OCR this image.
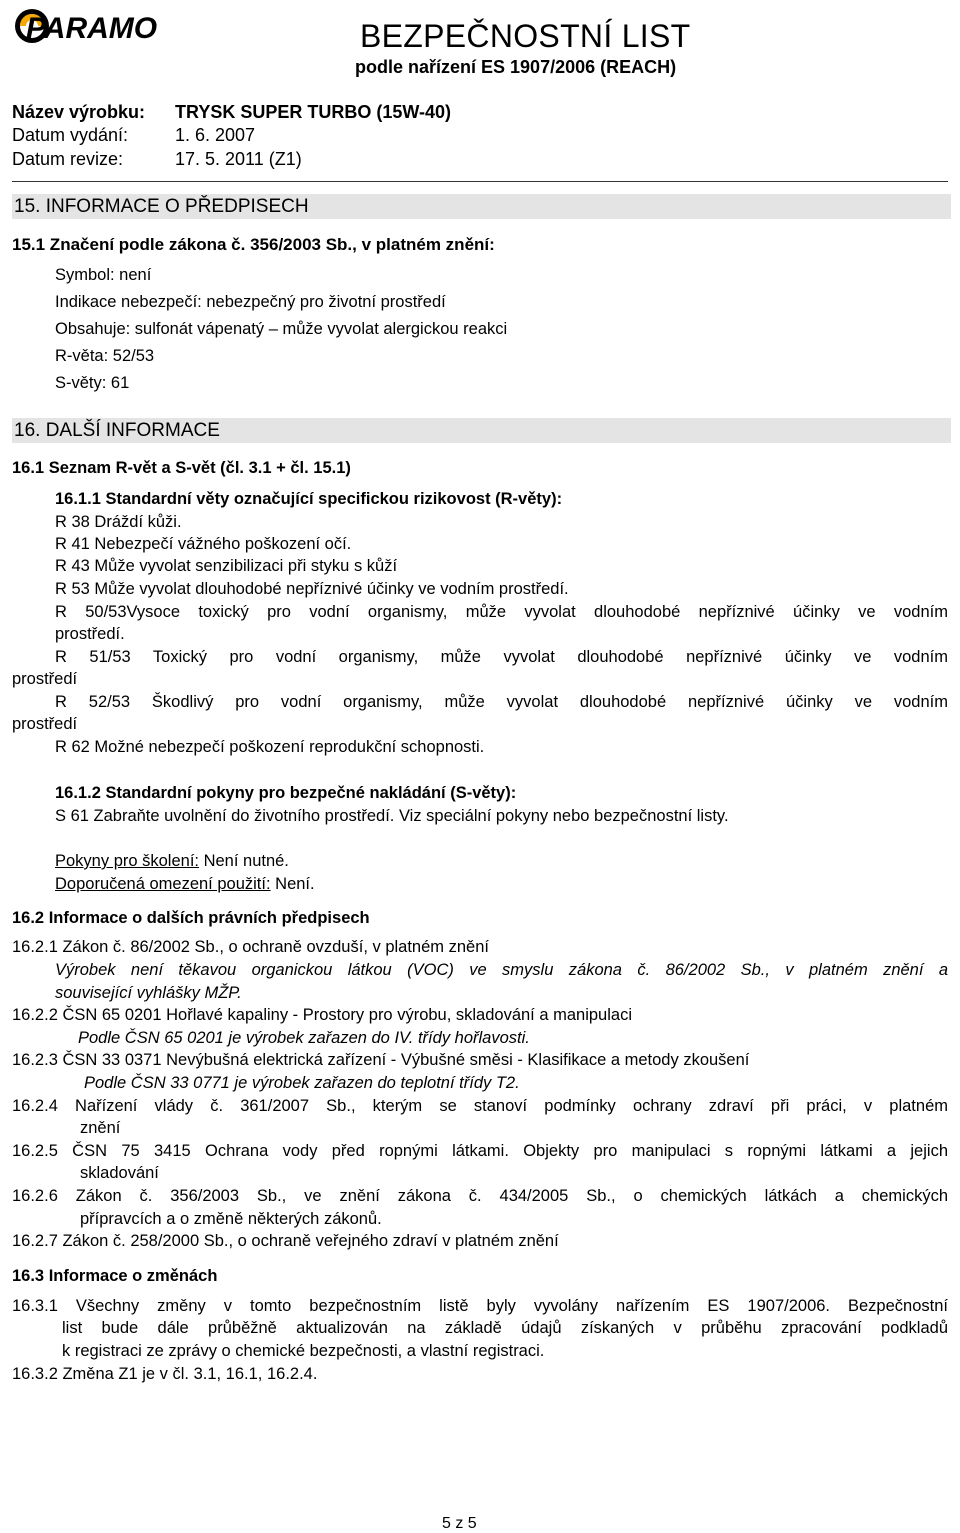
PARAMO	BEZPEČNOSTNÍ LIST
podle nařízení ES 1907/2006 (REACH)
Název výrobku: TRYSK SUPER TURBO (15W-40)
Datum vydání:	1. 6. 2007
Datum revize:	17. 5. 2011 (Z1)
15. INFORMACE O PŘEDPISECH
15.1 Značení podle zákona č. 356/2003 Sb., v platném znění:
Symbol: není
Indikace nebezpečí: nebezpečný pro životní prostředí
Obsahuje: sulfonát vápenatý – může vyvolat alergickou reakci
R-věta: 52/53
S-věty: 61
16. DALŠÍ INFORMACE
16.1 Seznam R-vět a S-vět (čl. 3.1 + čl. 15.1)
16.1.1 Standardní věty označující specifickou rizikovost (R-věty):
R 38 Dráždí kůži.
R 41 Nebezpečí vážného poškození očí.
R 43 Může vyvolat senzibilizaci při styku s kůží
R 53 Může vyvolat dlouhodobé nepříznivé účinky ve vodním prostředí.
R 50/53Vysoce toxický pro vodní organismy, může vyvolat dlouhodobé nepříznivé účinky ve vodním
prostředí.
R 51/53 Toxický pro vodní organismy, může vyvolat dlouhodobé nepříznivé účinky ve vodním
prostředí
R 52/53 Škodlivý pro vodní organismy, může vyvolat dlouhodobé nepříznivé účinky ve vodním
prostředí
R 62 Možné nebezpečí poškození reprodukční schopnosti.
16.1.2 Standardní pokyny pro bezpečné nakládání (S-věty):
S 61 Zabraňte uvolnění do životního prostředí. Viz speciální pokyny nebo bezpečnostní listy.
Pokyny pro školení: Není nutné.
Doporučená omezení použití: Není.
16.2 Informace o dalších právních předpisech
16.2.1 Zákon č. 86/2002 Sb., o ochraně ovzduší, v platném znění
Výrobek není těkavou organickou látkou (VOC) ve smyslu zákona č. 86/2002 Sb., v platném znění a
související vyhlášky MŽP.
16.2.2 ČSN 65 0201 Hořlavé kapaliny - Prostory pro výrobu, skladování a manipulaci
Podle ČSN 65 0201 je výrobek zařazen do IV. třídy hořlavosti.
16.2.3 ČSN 33 0371 Nevýbušná elektrická zařízení - Výbušné směsi - Klasifikace a metody zkoušení
Podle ČSN 33 0771 je výrobek zařazen do teplotní třídy T2.
16.2.4 Nařízení vlády č. 361/2007 Sb., kterým se stanoví podmínky ochrany zdraví při práci, v platném
znění
16.2.5 ČSN 75 3415 Ochrana vody před ropnými látkami. Objekty pro manipulaci s ropnými látkami a jejich
skladování
16.2.6 Zákon č. 356/2003 Sb., ve znění zákona č. 434/2005 Sb., o chemických látkách a chemických
přípravcích a o změně některých zákonů.
16.2.7 Zákon č. 258/2000 Sb., o ochraně veřejného zdraví v platném znění
16.3 Informace o změnách
16.3.1 Všechny změny v tomto bezpečnostním listě byly vyvolány nařízením ES 1907/2006. Bezpečnostní
list bude dále průběžně aktualizován na základě údajů získaných v průběhu zpracování podkladů
k registraci ze zprávy o chemické bezpečnosti, a vlastní registraci.
16.3.2 Změna Z1 je v čl. 3.1, 16.1, 16.2.4.
5 z 5
